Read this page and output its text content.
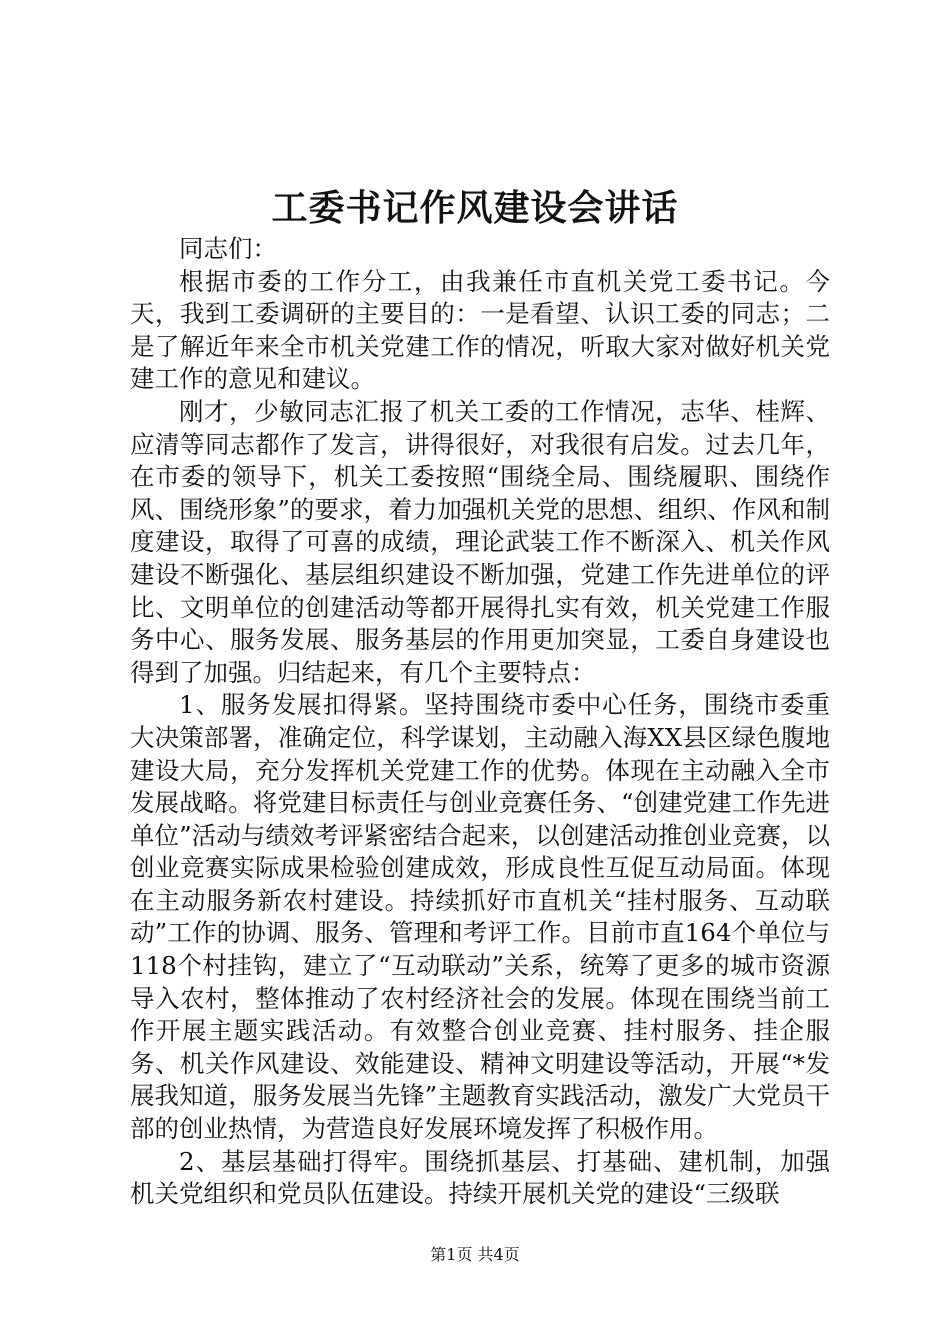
工委书记作风建设会讲话

同志们：

根据市委的工作分工，由我兼任市直机关党工委书记。今天，我到工委调研的主要目的：一是看望、认识工委的同志；二是了解近年来全市机关党建工作的情况，听取大家对做好机关党建工作的意见和建议。

刚才，少敏同志汇报了机关工委的工作情况，志华、桂辉、应清等同志都作了发言，讲得很好，对我很有启发。过去几年，在市委的领导下，机关工委按照“围绕全局、围绕履职、围绕作风、围绕形象”的要求，着力加强机关党的思想、组织、作风和制度建设，取得了可喜的成绩，理论武装工作不断深入、机关作风建设不断强化、基层组织建设不断加强，党建工作先进单位的评比、文明单位的创建活动等都开展得扎实有效，机关党建工作服务中心、服务发展、服务基层的作用更加突显，工委自身建设也得到了加强。归结起来，有几个主要特点：

1、服务发展扣得紧。坚持围绕市委中心任务，围绕市委重大决策部署，准确定位，科学谋划，主动融入海XX县区绿色腹地建设大局，充分发挥机关党建工作的优势。体现在主动融入全市发展战略。将党建目标责任与创业竞赛任务、“创建党建工作先进单位”活动与绩效考评紧密结合起来，以创建活动推创业竞赛，以创业竞赛实际成果检验创建成效，形成良性互促互动局面。体现在主动服务新农村建设。持续抓好市直机关“挂村服务、互动联动”工作的协调、服务、管理和考评工作。目前市直164个单位与118个村挂钩，建立了“互动联动”关系，统筹了更多的城市资源导入农村，整体推动了农村经济社会的发展。体现在围绕当前工作开展主题实践活动。有效整合创业竞赛、挂村服务、挂企服务、机关作风建设、效能建设、精神文明建设等活动，开展“*发展我知道，服务发展当先锋”主题教育实践活动，激发广大党员干部的创业热情，为营造良好发展环境发挥了积极作用。

2、基层基础打得牢。围绕抓基层、打基础、建机制，加强机关党组织和党员队伍建设。持续开展机关党的建设“三级联

第1页 共4页
